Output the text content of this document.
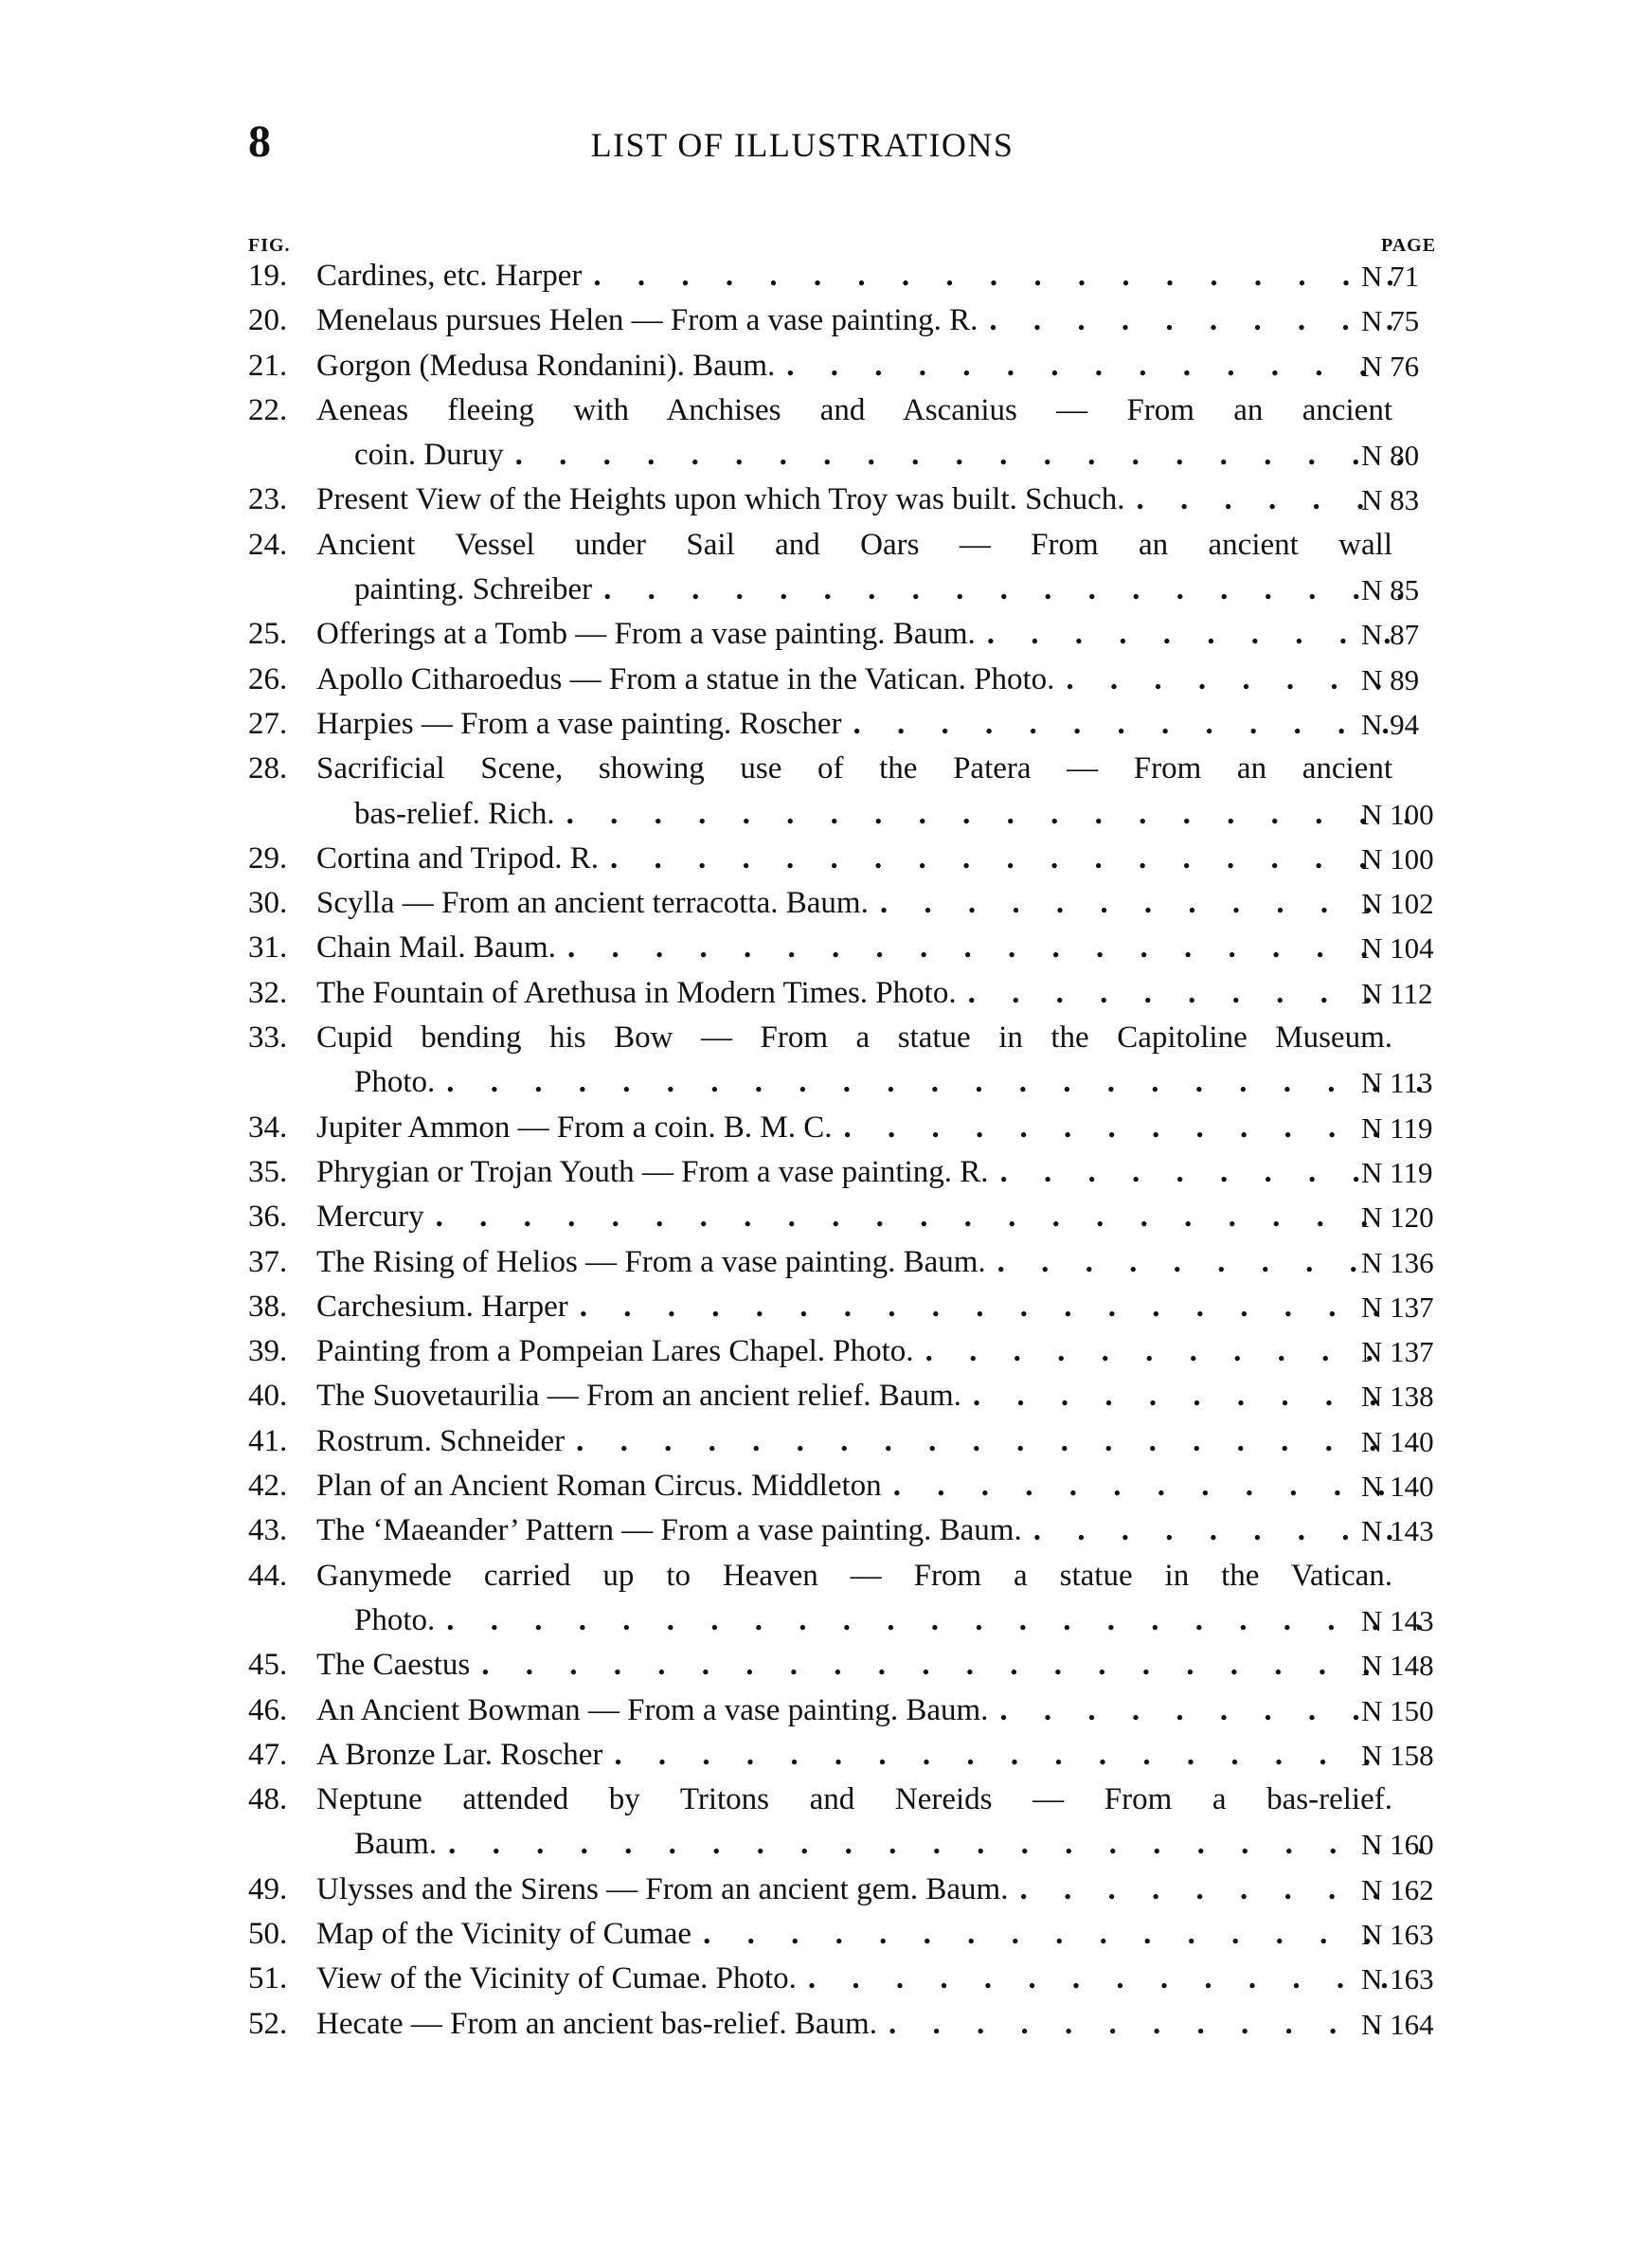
8	LIST OF ILLUSTRATIONS
FIG.	PAGE
19. Cardines, etc. Harper . . .	N 71
20. Menelaus pursues Helen — From a vase painting. R. . . .	N 75
21. Gorgon (Medusa Rondanini). Baum. . . .	N 76
22. Aeneas fleeing with Anchises and Ascanius — From an ancient
coin. Duruy . . .	N 80
23. Present View of the Heights upon which Troy was built. Schuch. . . .	N 83
24. Ancient Vessel under Sail and Oars — From an ancient wall
painting. Schreiber . . .	N 85
25. Offerings at a Tomb — From a vase painting. Baum. . . .	N 87
26. Apollo Citharoedus — From a statue in the Vatican. Photo. . . .	N 89
27. Harpies — From a vase painting. Roscher . . .	N 94
28. Sacrificial Scene, showing use of the Patera — From an ancient
bas-relief. Rich. . . .	N 100
29. Cortina and Tripod. R. . . .	N 100
30. Scylla — From an ancient terracotta. Baum. . . .	N 102
31. Chain Mail. Baum. . . .	N 104
32. The Fountain of Arethusa in Modern Times. Photo. . . .	N 112
33. Cupid bending his Bow — From a statue in the Capitoline Museum.
Photo. . . .	N 113
34. Jupiter Ammon — From a coin. B. M. C. . . .	N 119
35. Phrygian or Trojan Youth — From a vase painting. R. . . .	N 119
36. Mercury . . .	N 120
37. The Rising of Helios — From a vase painting. Baum. . . .	N 136
38. Carchesium. Harper . . .	N 137
39. Painting from a Pompeian Lares Chapel. Photo. . . .	N 137
40. The Suovetaurilia — From an ancient relief. Baum. . . .	N 138
41. Rostrum. Schneider . . .	N 140
42. Plan of an Ancient Roman Circus. Middleton . . .	N 140
43. The ‘Maeander’ Pattern — From a vase painting. Baum. . . .	N 143
44. Ganymede carried up to Heaven — From a statue in the Vatican.
Photo. . . .	N 143
45. The Caestus . . .	N 148
46. An Ancient Bowman — From a vase painting. Baum. . . .	N 150
47. A Bronze Lar. Roscher . . .	N 158
48. Neptune attended by Tritons and Nereids — From a bas-relief.
Baum. . . .	N 160
49. Ulysses and the Sirens — From an ancient gem. Baum. . . .	N 162
50. Map of the Vicinity of Cumae . . .	N 163
51. View of the Vicinity of Cumae. Photo. . . .	N 163
52. Hecate — From an ancient bas-relief. Baum. . . .	N 164
